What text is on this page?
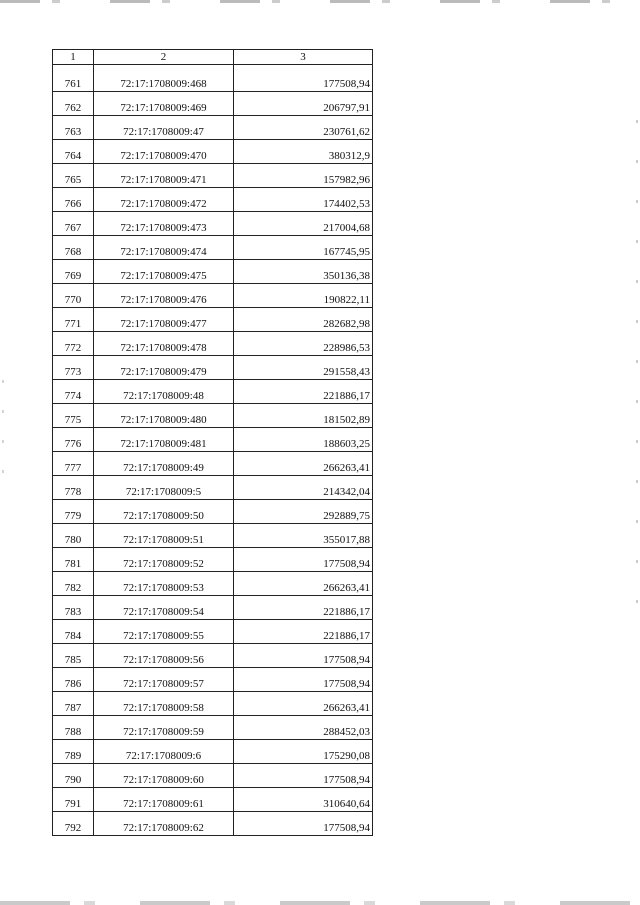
1	2	3
761	72:17:1708009:468	177508,94
762	72:17:1708009:469	206797,91
763	72:17:1708009:47	230761,62
764	72:17:1708009:470	380312,9
765	72:17:1708009:471	157982,96
766	72:17:1708009:472	174402,53
767	72:17:1708009:473	217004,68
768	72:17:1708009:474	167745,95
769	72:17:1708009:475	350136,38
770	72:17:1708009:476	190822,11
771	72:17:1708009:477	282682,98
772	72:17:1708009:478	228986,53
773	72:17:1708009:479	291558,43
774	72:17:1708009:48	221886,17
775	72:17:1708009:480	181502,89
776	72:17:1708009:481	188603,25
777	72:17:1708009:49	266263,41
778	72:17:1708009:5	214342,04
779	72:17:1708009:50	292889,75
780	72:17:1708009:51	355017,88
781	72:17:1708009:52	177508,94
782	72:17:1708009:53	266263,41
783	72:17:1708009:54	221886,17
784	72:17:1708009:55	221886,17
785	72:17:1708009:56	177508,94
786	72:17:1708009:57	177508,94
787	72:17:1708009:58	266263,41
788	72:17:1708009:59	288452,03
789	72:17:1708009:6	175290,08
790	72:17:1708009:60	177508,94
791	72:17:1708009:61	310640,64
792	72:17:1708009:62	177508,94
